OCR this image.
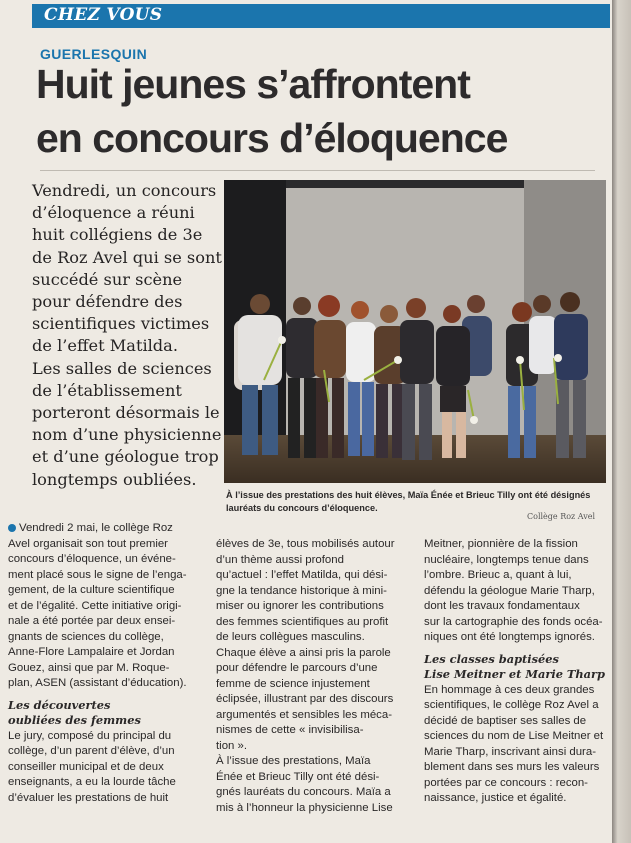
CHEZ VOUS
GUERLESQUIN
Huit jeunes s’affrontent
en concours d’éloquence
Vendredi, un concours
d’éloquence a réuni
huit collégiens de 3e
de Roz Avel qui se sont
succédé sur scène
pour défendre des
scientifiques victimes
de l’effet Matilda.
Les salles de sciences
de l’établissement
porteront désormais le
nom d’une physicienne
et d’une géologue trop
longtemps oubliées.
À l’issue des prestations des huit élèves, Maïa Énée et Brieuc Tilly ont été désignés lauréats du concours d’éloquence.
Collège Roz Avel
Vendredi 2 mai, le collège Roz
Avel organisait son tout premier
concours d’éloquence, un événe-
ment placé sous le signe de l’enga-
gement, de la culture scientifique
et de l’égalité. Cette initiative origi-
nale a été portée par deux ensei-
gnants de sciences du collège,
Anne-Flore Lampalaire et Jordan
Gouez, ainsi que par M. Roque-
plan, ASEN (assistant d’éducation).
Les découvertes
oubliées des femmes
Le jury, composé du principal du
collège, d’un parent d’élève, d’un
conseiller municipal et de deux
enseignants, a eu la lourde tâche
d’évaluer les prestations de huit
élèves de 3e, tous mobilisés autour
d’un thème aussi profond
qu’actuel : l’effet Matilda, qui dési-
gne la tendance historique à mini-
miser ou ignorer les contributions
des femmes scientifiques au profit
de leurs collègues masculins.
Chaque élève a ainsi pris la parole
pour défendre le parcours d’une
femme de science injustement
éclipsée, illustrant par des discours
argumentés et sensibles les méca-
nismes de cette « invisibilisa-
tion ».
À l’issue des prestations, Maïa
Énée et Brieuc Tilly ont été dési-
gnés lauréats du concours. Maïa a
mis à l’honneur la physicienne Lise
Meitner, pionnière de la fission
nucléaire, longtemps tenue dans
l’ombre. Brieuc a, quant à lui,
défendu la géologue Marie Tharp,
dont les travaux fondamentaux
sur la cartographie des fonds océa-
niques ont été longtemps ignorés.
Les classes baptisées
Lise Meitner et Marie Tharp
En hommage à ces deux grandes
scientifiques, le collège Roz Avel a
décidé de baptiser ses salles de
sciences du nom de Lise Meitner et
Marie Tharp, inscrivant ainsi dura-
blement dans ses murs les valeurs
portées par ce concours : recon-
naissance, justice et égalité.
